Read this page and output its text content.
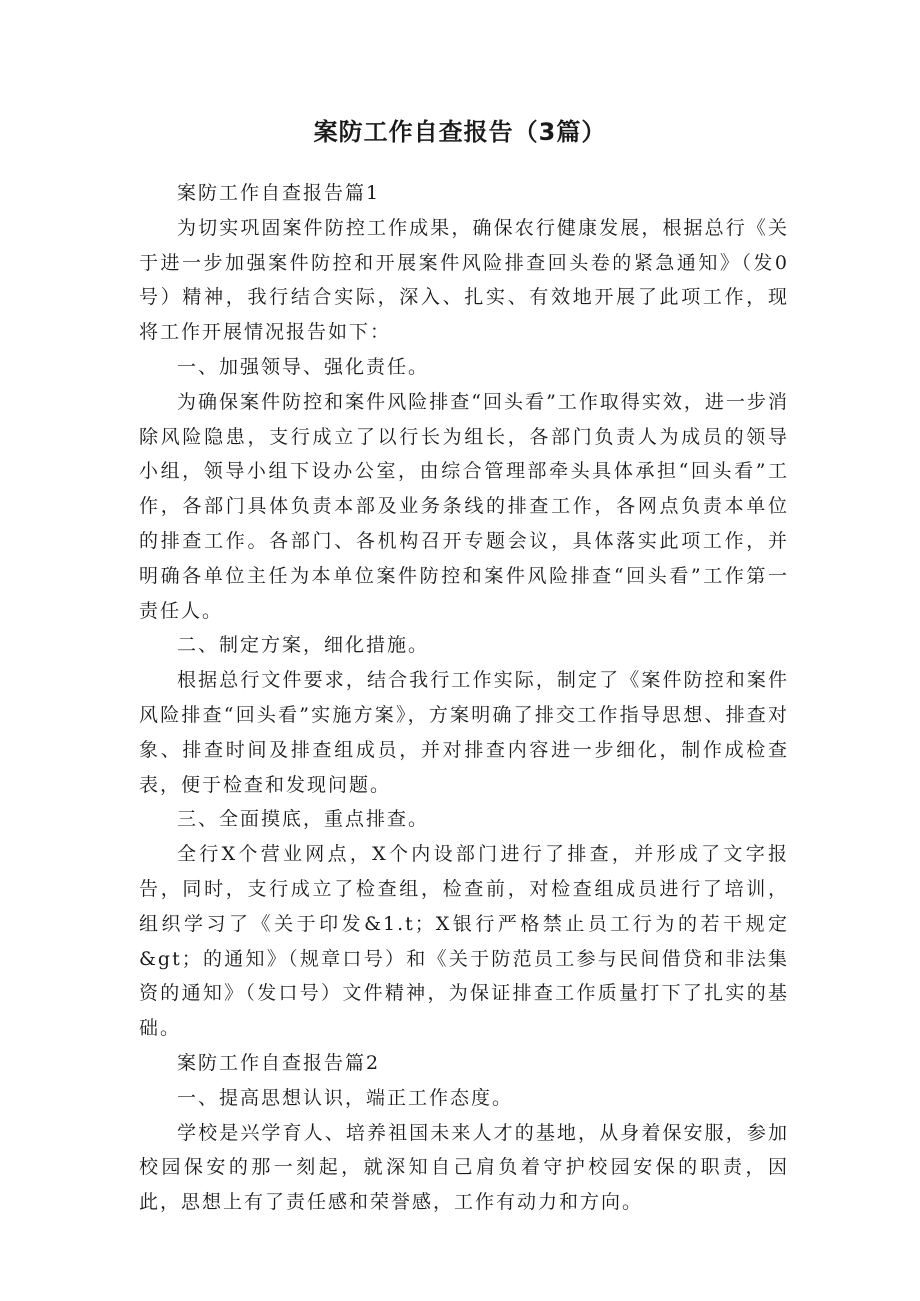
案防工作自查报告（3篇）

案防工作自查报告篇1

为切实巩固案件防控工作成果，确保农行健康发展，根据总行《关于进一步加强案件防控和开展案件风险排查回头卷的紧急通知》（发0号）精神，我行结合实际，深入、扎实、有效地开展了此项工作，现将工作开展情况报告如下：

一、加强领导、强化责任。

为确保案件防控和案件风险排查“回头看”工作取得实效，进一步消除风险隐患，支行成立了以行长为组长，各部门负责人为成员的领导小组，领导小组下设办公室，由综合管理部牵头具体承担“回头看”工作，各部门具体负责本部及业务条线的排查工作，各网点负责本单位的排查工作。各部门、各机构召开专题会议，具体落实此项工作，并明确各单位主任为本单位案件防控和案件风险排查“回头看”工作第一责任人。

二、制定方案，细化措施。

根据总行文件要求，结合我行工作实际，制定了《案件防控和案件风险排查“回头看”实施方案》，方案明确了排交工作指导思想、排查对象、排查时间及排查组成员，并对排查内容进一步细化，制作成检查表，便于检查和发现问题。

三、全面摸底，重点排查。

全行X个营业网点，X个内设部门进行了排查，并形成了文字报告，同时，支行成立了检查组，检查前，对检查组成员进行了培训，组织学习了《关于印发&1.t；X银行严格禁止员工行为的若干规定&gt；的通知》（规章口号）和《关于防范员工参与民间借贷和非法集资的通知》（发口号）文件精神，为保证排查工作质量打下了扎实的基础。

案防工作自查报告篇2

一、提高思想认识，端正工作态度。

学校是兴学育人、培养祖国未来人才的基地，从身着保安服，参加校园保安的那一刻起，就深知自己肩负着守护校园安保的职责，因此，思想上有了责任感和荣誉感，工作有动力和方向。
